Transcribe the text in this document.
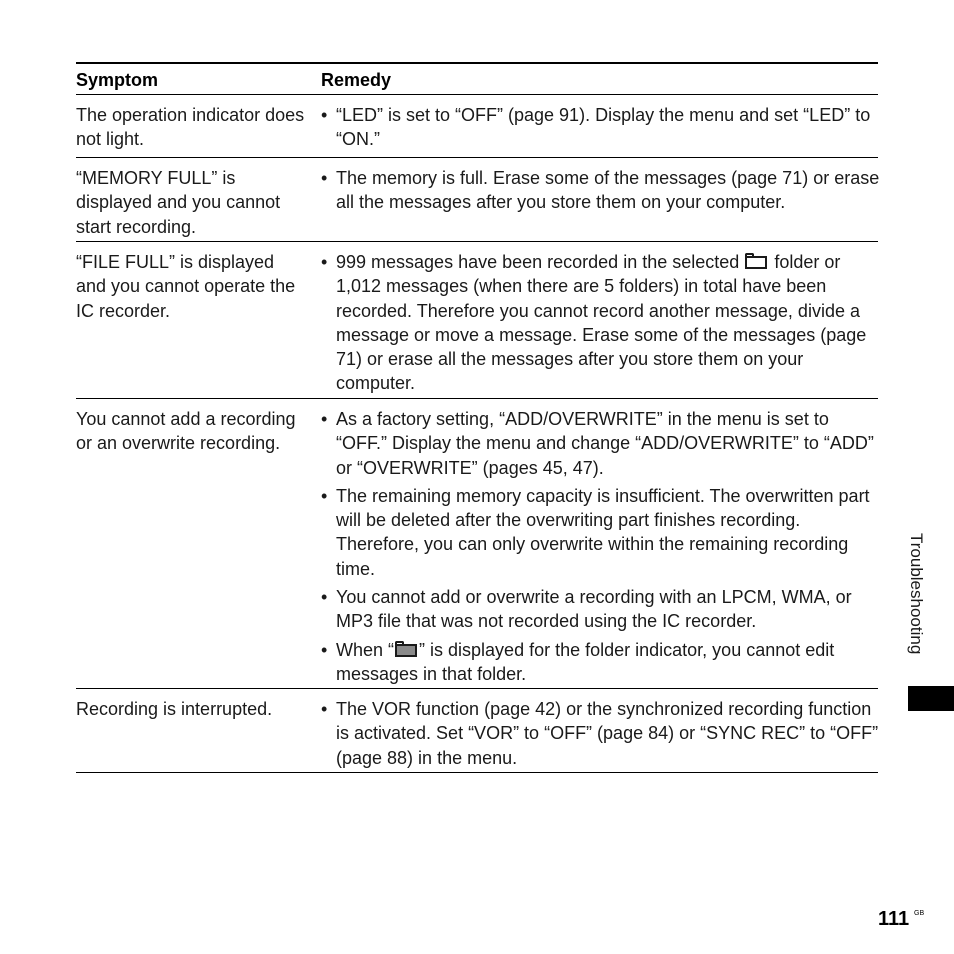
Symptom	Remedy
The operation indicator does not light.
• “LED” is set to “OFF” (page 91). Display the menu and set “LED” to “ON.”
“MEMORY FULL” is displayed and you cannot start recording.
• The memory is full. Erase some of the messages (page 71) or erase all the messages after you store them on your computer.
“FILE FULL” is displayed and you cannot operate the IC recorder.
• 999 messages have been recorded in the selected folder or 1,012 messages (when there are 5 folders) in total have been recorded. Therefore you cannot record another message, divide a message or move a message. Erase some of the messages (page 71) or erase all the messages after you store them on your computer.
You cannot add a recording or an overwrite recording.
• As a factory setting, “ADD/OVERWRITE” in the menu is set to “OFF.” Display the menu and change “ADD/OVERWRITE” to “ADD” or “OVERWRITE” (pages 45, 47).
• The remaining memory capacity is insufficient. The overwritten part will be deleted after the overwriting part finishes recording. Therefore, you can only overwrite within the remaining recording time.
• You cannot add or overwrite a recording with an LPCM, WMA, or MP3 file that was not recorded using the IC recorder.
• When “ ” is displayed for the folder indicator, you cannot edit messages in that folder.
Recording is interrupted.	• The VOR function (page 42) or the synchronized recording function is activated. Set “VOR” to “OFF” (page 84) or “SYNC REC” to “OFF” (page 88) in the menu.
Troubleshooting
111 GB
